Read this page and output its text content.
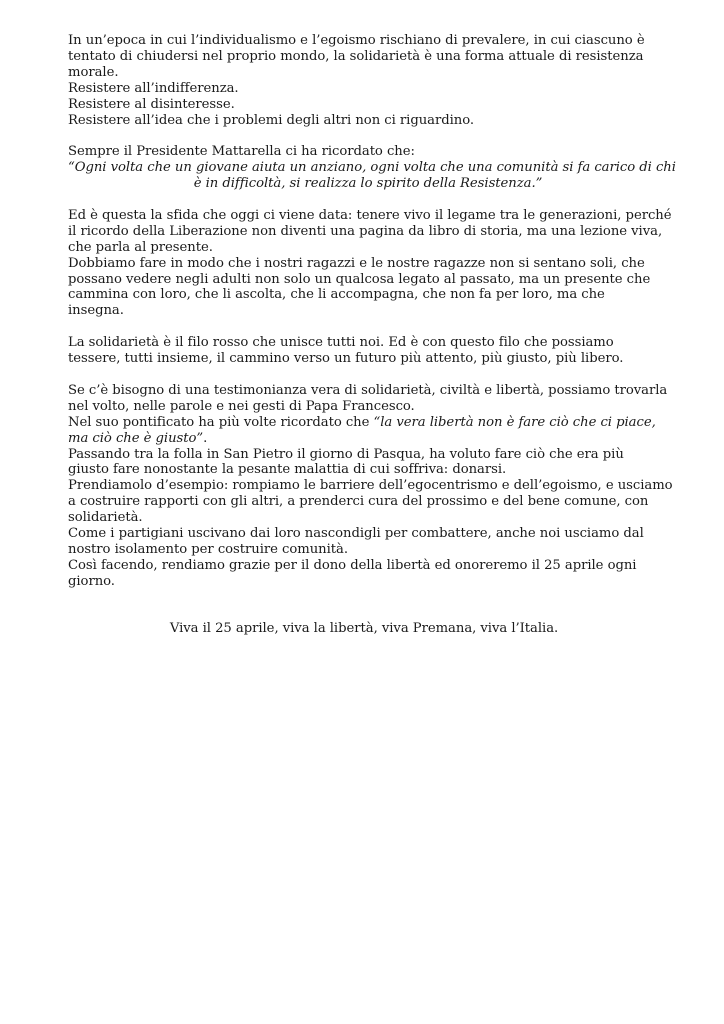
In un’epoca in cui l’individualismo e l’egoismo rischiano di prevalere, in cui ciascuno è
tentato di chiudersi nel proprio mondo, la solidarietà è una forma attuale di resistenza
morale.
Resistere all’indifferenza.
Resistere al disinteresse.
Resistere all’idea che i problemi degli altri non ci riguardino.
Sempre il Presidente Mattarella ci ha ricordato che:
“Ogni volta che un giovane aiuta un anziano, ogni volta che una comunità si fa carico di chi
è in difficoltà, si realizza lo spirito della Resistenza.”
Ed è questa la sfida che oggi ci viene data: tenere vivo il legame tra le generazioni, perché
il ricordo della Liberazione non diventi una pagina da libro di storia, ma una lezione viva,
che parla al presente.
Dobbiamo fare in modo che i nostri ragazzi e le nostre ragazze non si sentano soli, che
possano vedere negli adulti non solo un qualcosa legato al passato, ma un presente che
cammina con loro, che li ascolta, che li accompagna, che non fa per loro, ma che
insegna.
La solidarietà è il filo rosso che unisce tutti noi. Ed è con questo filo che possiamo
tessere, tutti insieme, il cammino verso un futuro più attento, più giusto, più libero.
Se c’è bisogno di una testimonianza vera di solidarietà, civiltà e libertà, possiamo trovarla
nel volto, nelle parole e nei gesti di Papa Francesco.
Nel suo pontificato ha più volte ricordato che “la vera libertà non è fare ciò che ci piace,
ma ciò che è giusto”.
Passando tra la folla in San Pietro il giorno di Pasqua, ha voluto fare ciò che era più
giusto fare nonostante la pesante malattia di cui soffriva: donarsi.
Prendiamolo d’esempio: rompiamo le barriere dell’egocentrismo e dell’egoismo, e usciamo
a costruire rapporti con gli altri, a prenderci cura del prossimo e del bene comune, con
solidarietà.
Come i partigiani uscivano dai loro nascondigli per combattere, anche noi usciamo dal
nostro isolamento per costruire comunità.
Così facendo, rendiamo grazie per il dono della libertà ed onoreremo il 25 aprile ogni
giorno.
Viva il 25 aprile, viva la libertà, viva Premana, viva l’Italia.
